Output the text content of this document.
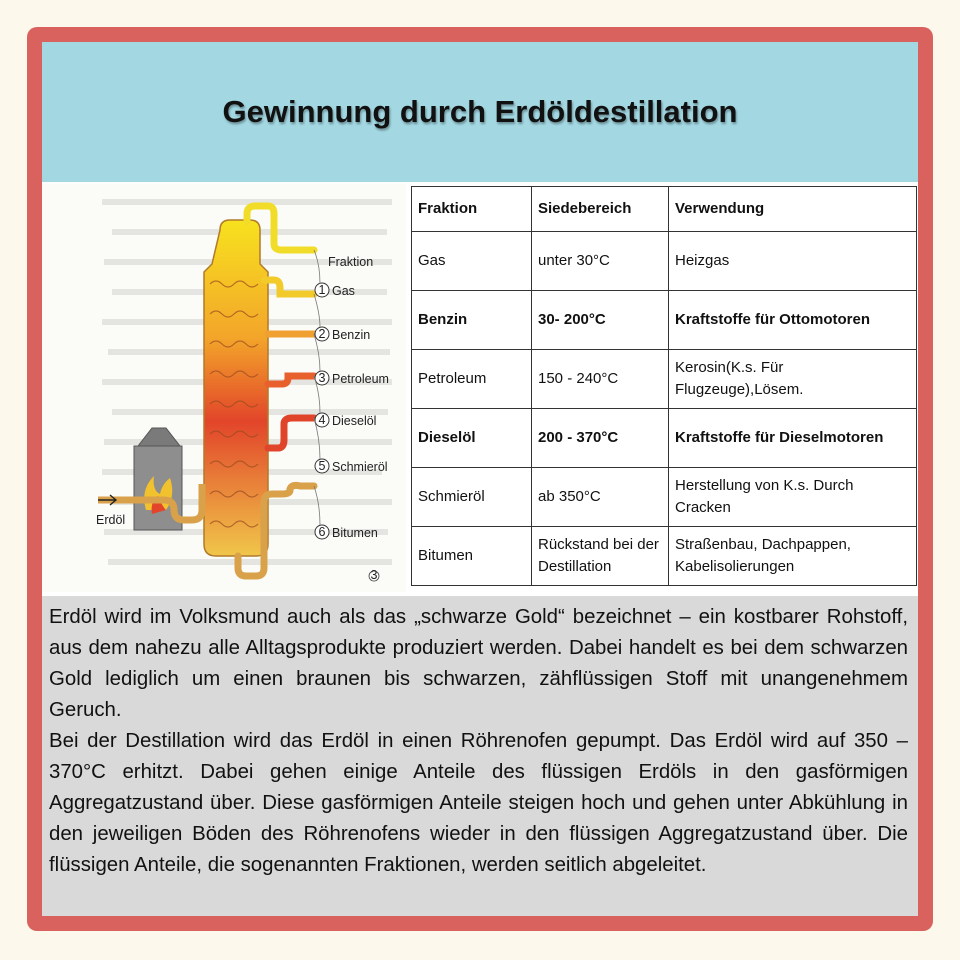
Gewinnung durch Erdöldestillation
Erdöl
Fraktion
1
2
3
4
5
6
Gas
Benzin
Petroleum
Dieselöl
Schmieröl
Bitumen
3
Fraktion	Siedebereich	Verwendung
Gas	unter 30°C	Heizgas
Benzin	30- 200°C	Kraftstoffe für Ottomotoren
Petroleum	150 - 240°C	Kerosin(K.s. Für Flugzeuge),Lösem.
Dieselöl	200 - 370°C	Kraftstoffe für Dieselmotoren
Schmieröl	ab 350°C	Herstellung von K.s. Durch Cracken
Bitumen	Rückstand bei der Destillation	Straßenbau, Dachpappen, Kabelisolierungen

Erdöl wird im Volksmund auch als das „schwarze Gold“ bezeichnet – ein kostbarer Rohstoff, aus dem nahezu alle Alltagsprodukte produziert werden. Dabei handelt es bei dem schwarzen Gold lediglich um einen braunen bis schwarzen, zähflüssigen Stoff mit unangenehmem Geruch.

Bei der Destillation wird das Erdöl in einen Röhrenofen gepumpt. Das Erdöl wird auf 350 – 370°C erhitzt. Dabei gehen einige Anteile des flüssigen Erdöls in den gasförmigen Aggregatzustand über. Diese gasförmigen Anteile steigen hoch und gehen unter Abkühlung in den jeweiligen Böden des Röhrenofens wieder in den flüssigen Aggregatzustand über. Die flüssigen Anteile, die sogenannten Fraktionen, werden seitlich abgeleitet.
